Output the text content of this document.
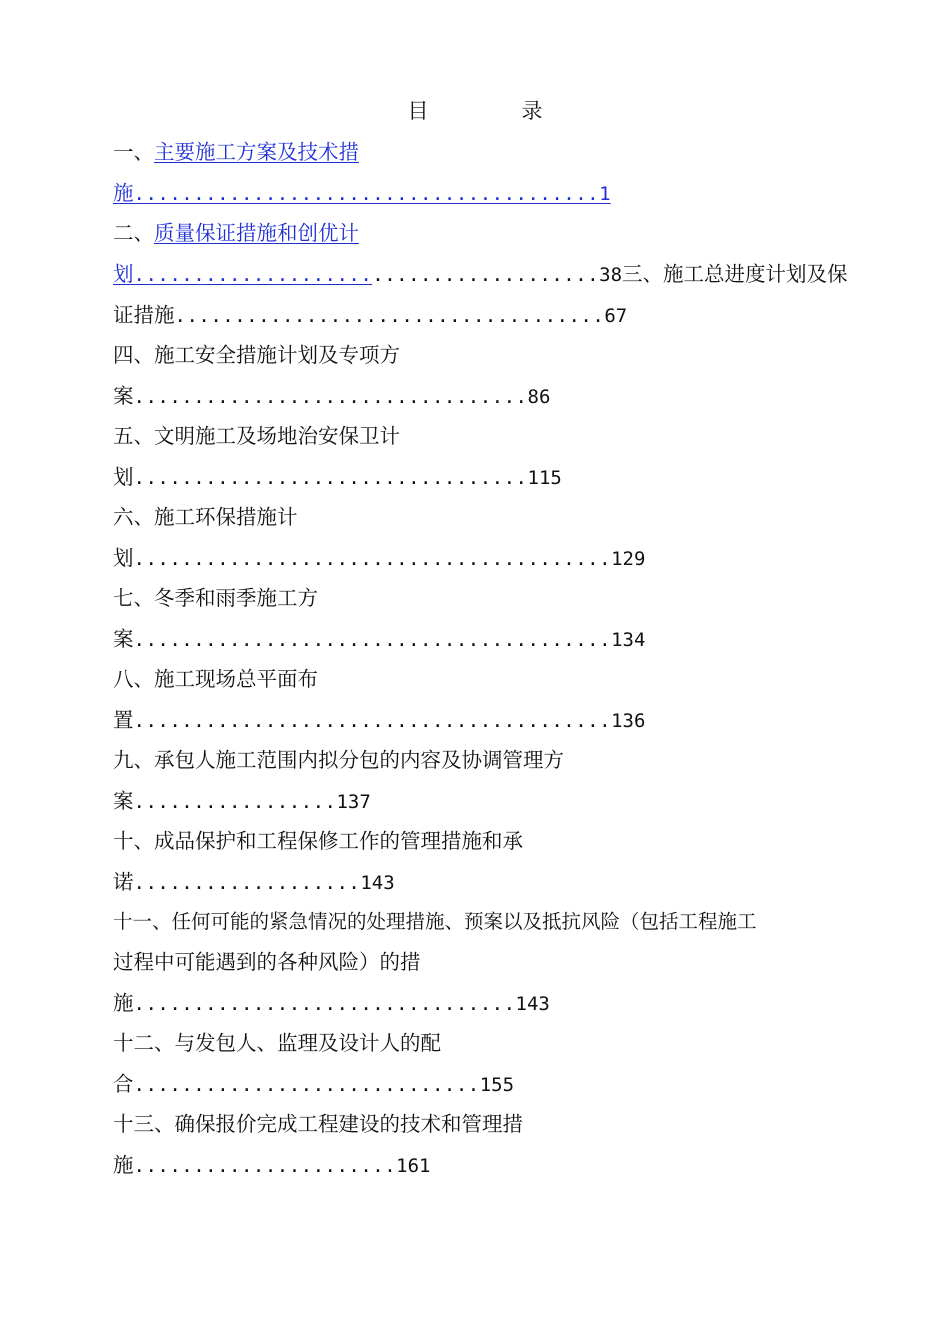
目　录
一、主要施工方案及技术措
施.......................................1
二、质量保证措施和创优计
划.......................................38三、施工总进度计划及保
证措施....................................67
四、施工安全措施计划及专项方
案.................................86
五、文明施工及场地治安保卫计
划.................................115
六、施工环保措施计
划........................................129
七、冬季和雨季施工方
案........................................134
八、施工现场总平面布
置........................................136
九、承包人施工范围内拟分包的内容及协调管理方
案.................137
十、成品保护和工程保修工作的管理措施和承
诺...................143
十一、任何可能的紧急情况的处理措施、预案以及抵抗风险（包括工程施工
过程中可能遇到的各种风险）的措
施................................143
十二、与发包人、监理及设计人的配
合.............................155
十三、确保报价完成工程建设的技术和管理措
施......................161
